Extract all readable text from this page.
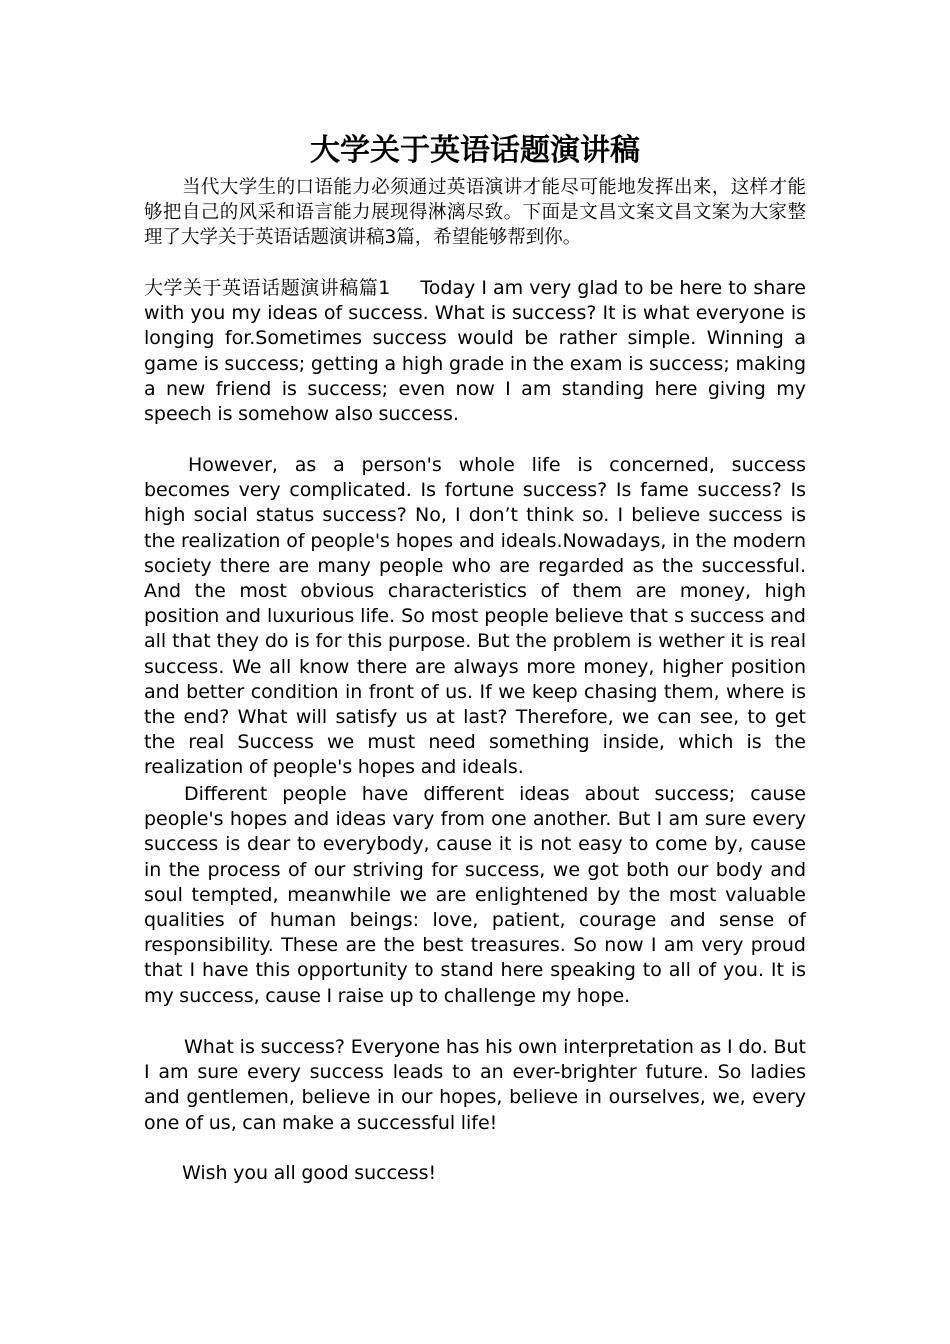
大学关于英语话题演讲稿

当代大学生的口语能力必须通过英语演讲才能尽可能地发挥出来，这样才能够把自己的风采和语言能力展现得淋漓尽致。下面是文昌文案文昌文案为大家整理了大学关于英语话题演讲稿3篇，希望能够帮到你。

大学关于英语话题演讲稿篇1 Today I am very glad to be here to share with you my ideas of success. What is success? It is what everyone is longing for.Sometimes success would be rather simple. Winning a game is success; getting a high grade in the exam is success; making a new friend is success; even now I am standing here giving my speech is somehow also success.

However, as a person's whole life is concerned, success becomes very complicated. Is fortune success? Is fame success? Is high social status success? No, I don’t think so. I believe success is the realization of people's hopes and ideals.Nowadays, in the modern society there are many people who are regarded as the successful. And the most obvious characteristics of them are money, high position and luxurious life. So most people believe that s success and all that they do is for this purpose. But the problem is wether it is real success. We all know there are always more money, higher position and better condition in front of us. If we keep chasing them, where is the end? What will satisfy us at last? Therefore, we can see, to get the real Success we must need something inside, which is the realization of people's hopes and ideals.

Different people have different ideas about success; cause people's hopes and ideas vary from one another. But I am sure every success is dear to everybody, cause it is not easy to come by, cause in the process of our striving for success, we got both our body and soul tempted, meanwhile we are enlightened by the most valuable qualities of human beings: love, patient, courage and sense of responsibility. These are the best treasures. So now I am very proud that I have this opportunity to stand here speaking to all of you. It is my success, cause I raise up to challenge my hope.

What is success? Everyone has his own interpretation as I do. But I am sure every success leads to an ever-brighter future. So ladies and gentlemen, believe in our hopes, believe in ourselves, we, every one of us, can make a successful life!

Wish you all good success!
